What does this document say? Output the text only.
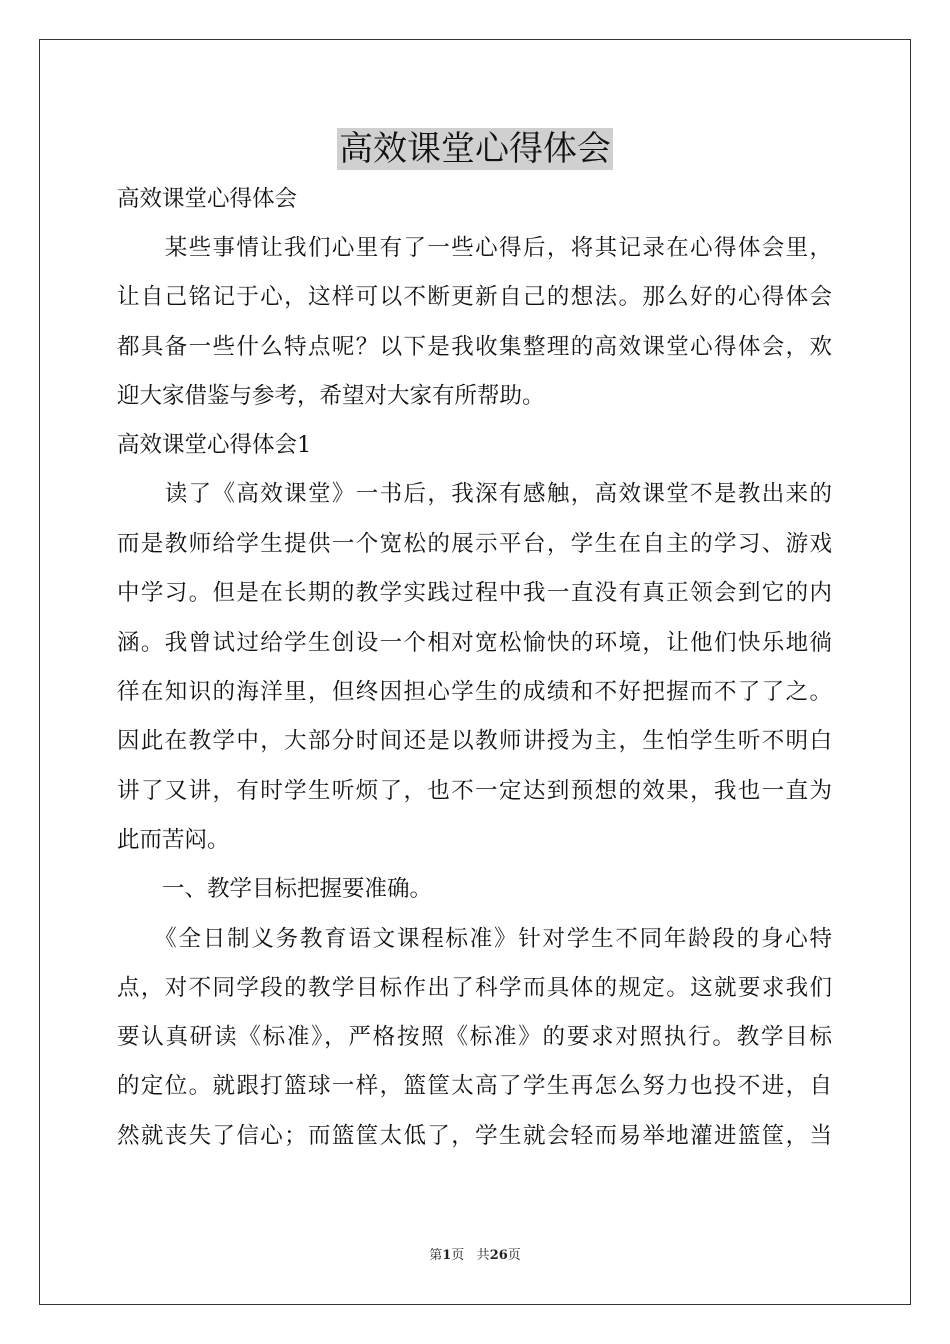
高效课堂心得体会
高效课堂心得体会
　　某些事情让我们心里有了一些心得后，将其记录在心得体会里，
让自己铭记于心，这样可以不断更新自己的想法。那么好的心得体会
都具备一些什么特点呢？以下是我收集整理的高效课堂心得体会，欢
迎大家借鉴与参考，希望对大家有所帮助。
高效课堂心得体会1
　　读了《高效课堂》一书后，我深有感触，高效课堂不是教出来的
而是教师给学生提供一个宽松的展示平台，学生在自主的学习、游戏
中学习。但是在长期的教学实践过程中我一直没有真正领会到它的内
涵。我曾试过给学生创设一个相对宽松愉快的环境，让他们快乐地徜
徉在知识的海洋里，但终因担心学生的成绩和不好把握而不了了之。
因此在教学中，大部分时间还是以教师讲授为主，生怕学生听不明白
讲了又讲，有时学生听烦了，也不一定达到预想的效果，我也一直为
此而苦闷。
　　一、教学目标把握要准确。
　　《全日制义务教育语文课程标准》针对学生不同年龄段的身心特
点，对不同学段的教学目标作出了科学而具体的规定。这就要求我们
要认真研读《标准》，严格按照《标准》的要求对照执行。教学目标
的定位。就跟打篮球一样，篮筐太高了学生再怎么努力也投不进，自
然就丧失了信心；而篮筐太低了，学生就会轻而易举地灌进篮筐，当
第1页 共26页
